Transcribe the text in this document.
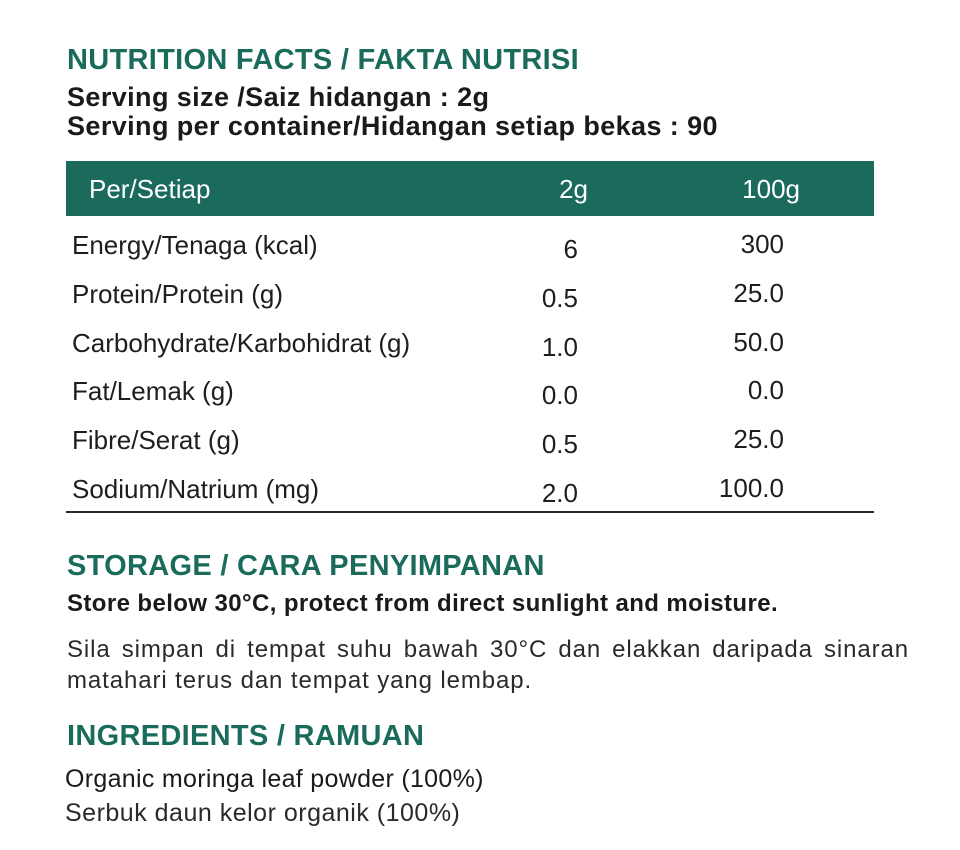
NUTRITION FACTS / FAKTA NUTRISI
Serving size /Saiz hidangan : 2g
Serving per container/Hidangan setiap bekas : 90
Per/Setiap	2g	100g
Energy/Tenaga (kcal)	6	300
Protein/Protein (g)	0.5	25.0
Carbohydrate/Karbohidrat (g)	1.0	50.0
Fat/Lemak (g)	0.0	0.0
Fibre/Serat (g)	0.5	25.0
Sodium/Natrium (mg)	2.0	100.0
STORAGE / CARA PENYIMPANAN
Store below 30°C, protect from direct sunlight and moisture.
Sila simpan di tempat suhu bawah 30°C dan elakkan daripada sinaran matahari terus dan tempat yang lembap.
INGREDIENTS / RAMUAN
Organic moringa leaf powder (100%)
Serbuk daun kelor organik (100%)
